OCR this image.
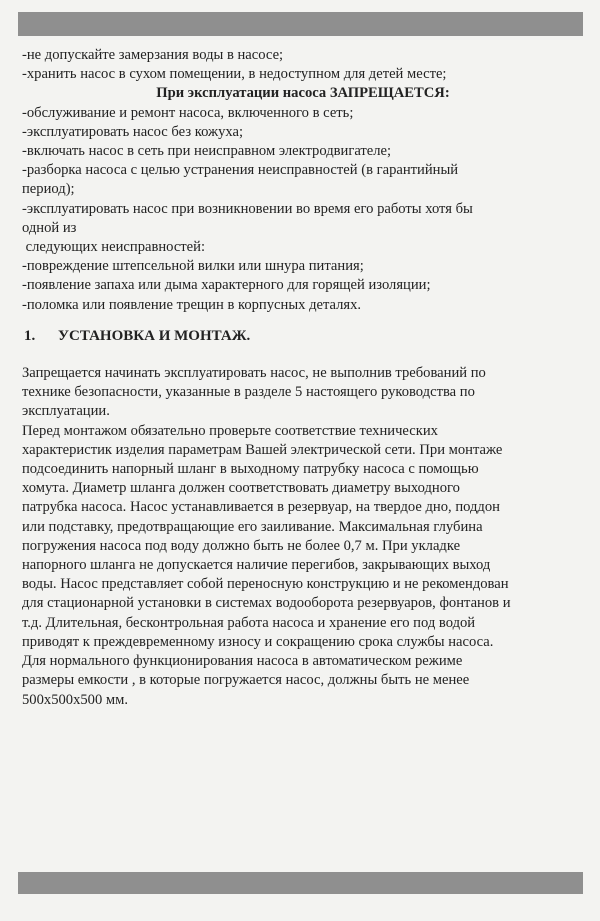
-не допускайте замерзания воды в насосе;
-хранить насос в сухом помещении, в недоступном для детей месте;
При эксплуатации насоса ЗАПРЕЩАЕТСЯ:
-обслуживание и ремонт насоса, включенного в сеть;
-эксплуатировать насос без кожуха;
-включать насос в сеть при неисправном электродвигателе;
-разборка насоса с целью устранения неисправностей (в гарантийный
период);
-эксплуатировать насос при возникновении во время его работы хотя бы
одной из
следующих неисправностей:
-повреждение штепсельной вилки или шнура питания;
-появление запаха или дыма характерного для горящей изоляции;
-поломка или появление трещин в корпусных деталях.
1. УСТАНОВКА И МОНТАЖ.
Запрещается начинать эксплуатировать насос, не выполнив требований по
технике безопасности, указанные в разделе 5 настоящего руководства по
эксплуатации.
Перед монтажом обязательно проверьте соответствие технических
характеристик изделия параметрам Вашей электрической сети. При монтаже
подсоединить напорный шланг в выходному патрубку насоса с помощью
хомута. Диаметр шланга должен соответствовать диаметру выходного
патрубка насоса. Насос устанавливается в резервуар, на твердое дно, поддон
или подставку, предотвращающие его заиливание. Максимальная глубина
погружения насоса под воду должно быть не более 0,7 м. При укладке
напорного шланга не допускается наличие перегибов, закрывающих выход
воды. Насос представляет собой переносную конструкцию и не рекомендован
для стационарной установки в системах водооборота резервуаров, фонтанов и
т.д. Длительная, бесконтрольная работа насоса и хранение его под водой
приводят к преждевременному износу и сокращению срока службы насоса.
Для нормального функционирования насоса в автоматическом режиме
размеры емкости , в которые погружается насос, должны быть не менее
500х500х500 мм.
